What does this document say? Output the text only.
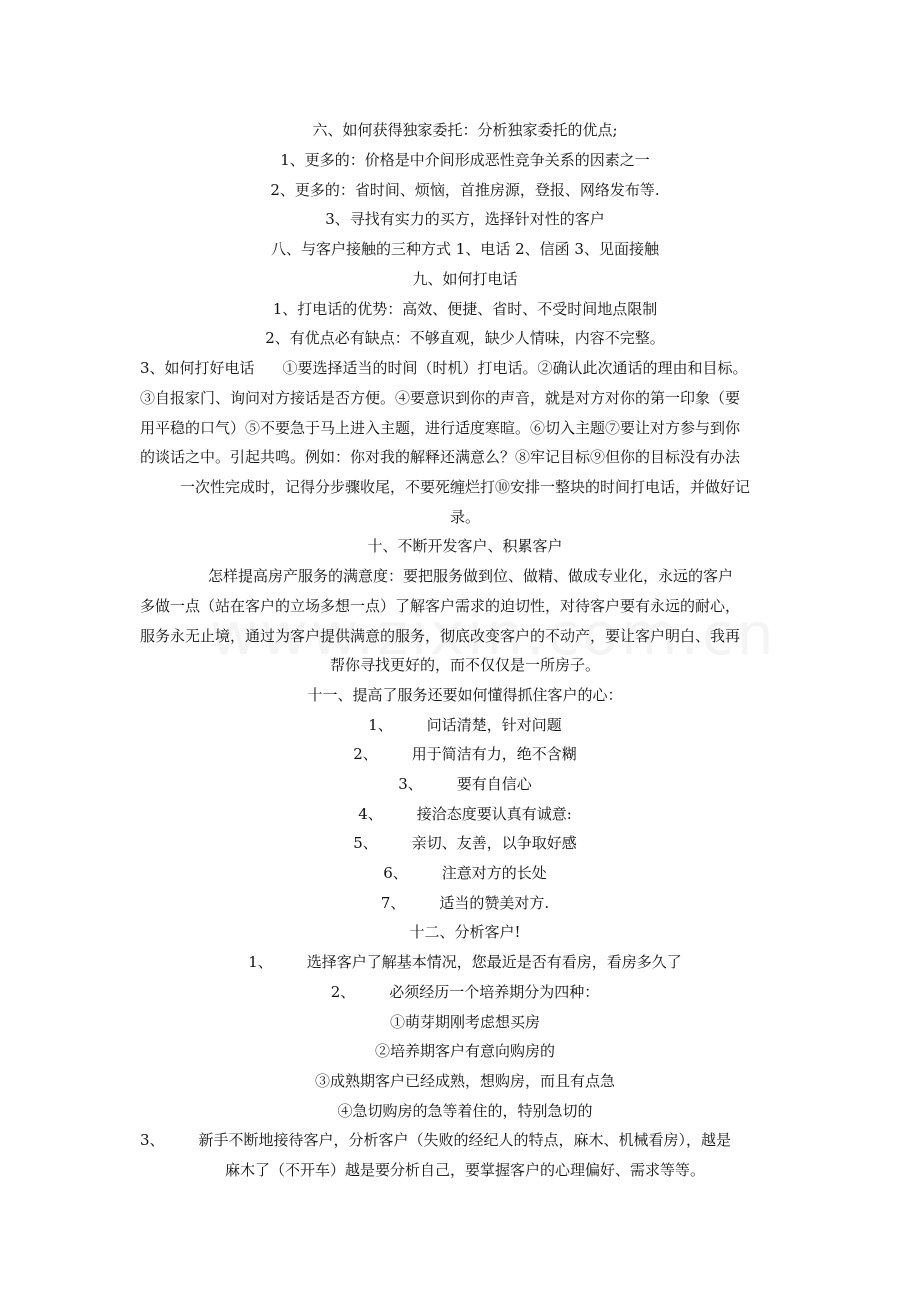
六、如何获得独家委托：分析独家委托的优点;
1、更多的：价格是中介间形成恶性竞争关系的因素之一
2、更多的：省时间、烦恼，首推房源，登报、网络发布等.
3、寻找有实力的买方，选择针对性的客户
八、与客户接触的三种方式 1、电话 2、信函 3、见面接触
九、如何打电话
1、打电话的优势：高效、便捷、省时、不受时间地点限制
2、有优点必有缺点：不够直观，缺少人情味，内容不完整。
3、如何打好电话 ①要选择适当的时间（时机）打电话。②确认此次通话的理由和目标。
③自报家门、询问对方接话是否方便。④要意识到你的声音，就是对方对你的第一印象（要
用平稳的口气）⑤不要急于马上进入主题，进行适度寒暄。⑥切入主题⑦要让对方参与到你
的谈话之中。引起共鸣。例如：你对我的解释还满意么？⑧牢记目标⑨但你的目标没有办法
一次性完成时，记得分步骤收尾，不要死缠烂打⑩安排一整块的时间打电话，并做好记
录。
十、不断开发客户、积累客户
怎样提高房产服务的满意度：要把服务做到位、做精、做成专业化，永远的客户
多做一点（站在客户的立场多想一点）了解客户需求的迫切性，对待客户要有永远的耐心，
服务永无止境，通过为客户提供满意的服务，彻底改变客户的不动产，要让客户明白、我再
帮你寻找更好的，而不仅仅是一所房子。
十一、提高了服务还要如何懂得抓住客户的心：
1、 问话清楚，针对问题
2、 用于简洁有力，绝不含糊
3、 要有自信心
4、 接洽态度要认真有诚意:
5、 亲切、友善，以争取好感
6、 注意对方的长处
7、 适当的赞美对方.
十二、分析客户!
1、 选择客户了解基本情况，您最近是否有看房，看房多久了
2、 必须经历一个培养期分为四种：
①萌芽期刚考虑想买房
②培养期客户有意向购房的
③成熟期客户已经成熟，想购房，而且有点急
④急切购房的急等着住的，特别急切的
3、 新手不断地接待客户，分析客户（失败的经纪人的特点，麻木、机械看房），越是
麻木了（不开车）越是要分析自己，要掌握客户的心理偏好、需求等等。
